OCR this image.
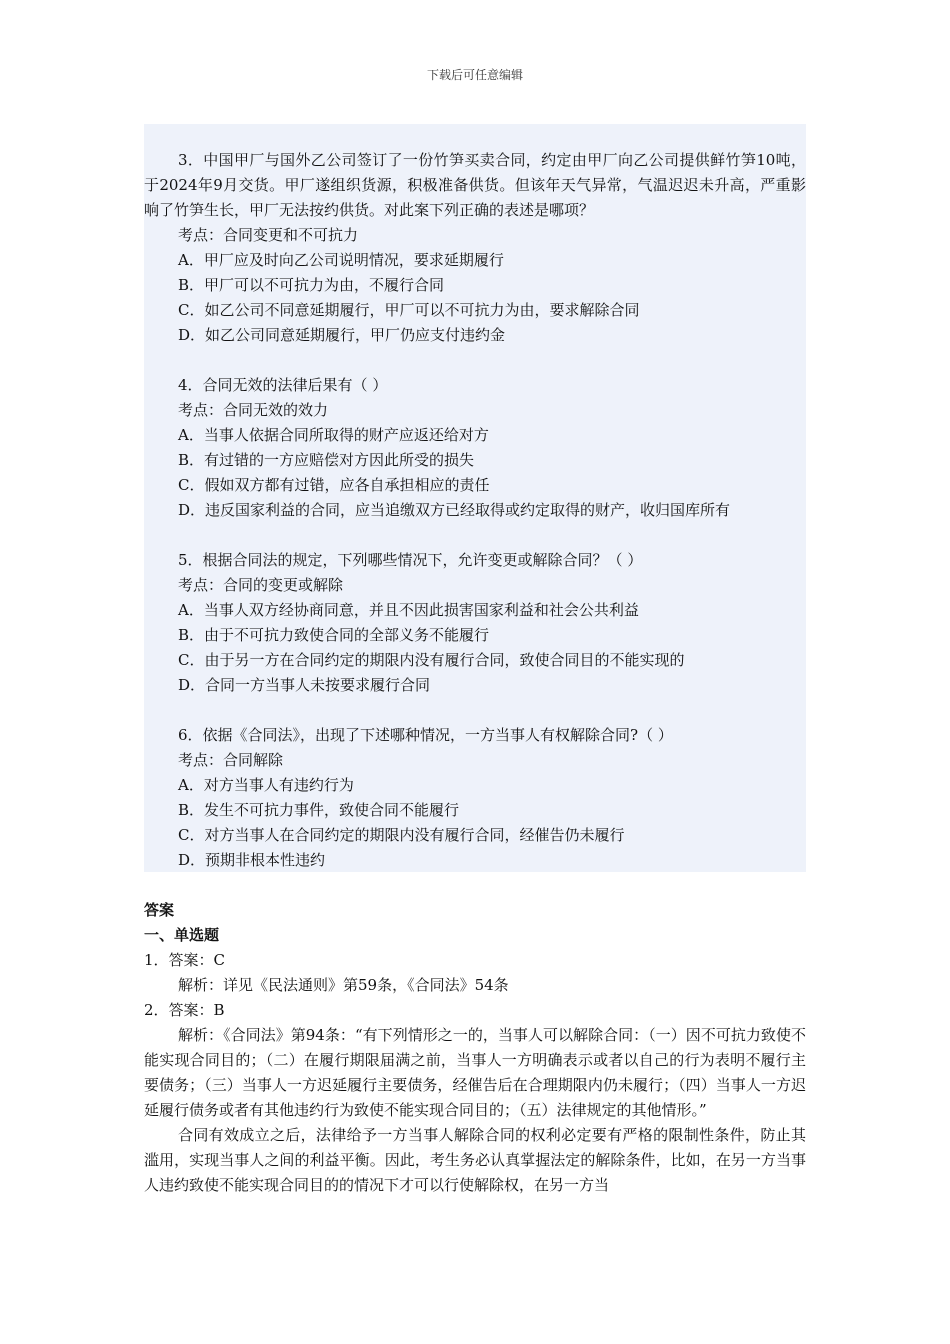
下载后可任意编辑

3．中国甲厂与国外乙公司签订了一份竹笋买卖合同，约定由甲厂向乙公司提供鲜竹笋10吨，于2024年9月交货。甲厂遂组织货源，积极准备供货。但该年天气异常，气温迟迟未升高，严重影响了竹笋生长，甲厂无法按约供货。对此案下列正确的表述是哪项？

考点：合同变更和不可抗力

A．甲厂应及时向乙公司说明情况，要求延期履行

B．甲厂可以不可抗力为由，不履行合同

C．如乙公司不同意延期履行，甲厂可以不可抗力为由，要求解除合同

D．如乙公司同意延期履行，甲厂仍应支付违约金

4．合同无效的法律后果有（ ）

考点：合同无效的效力

A．当事人依据合同所取得的财产应返还给对方

B．有过错的一方应赔偿对方因此所受的损失

C．假如双方都有过错，应各自承担相应的责任

D．违反国家利益的合同，应当追缴双方已经取得或约定取得的财产，收归国库所有

5．根据合同法的规定，下列哪些情况下，允许变更或解除合同？（ ）

考点：合同的变更或解除

A．当事人双方经协商同意，并且不因此损害国家利益和社会公共利益

B．由于不可抗力致使合同的全部义务不能履行

C．由于另一方在合同约定的期限内没有履行合同，致使合同目的不能实现的

D．合同一方当事人未按要求履行合同

6．依据《合同法》，出现了下述哪种情况，一方当事人有权解除合同?（ ）

考点：合同解除

A．对方当事人有违约行为

B．发生不可抗力事件，致使合同不能履行

C．对方当事人在合同约定的期限内没有履行合同，经催告仍未履行

D．预期非根本性违约

答案

一、单选题

1．答案：C

解析：详见《民法通则》第59条，《合同法》54条

2．答案：B

解析：《合同法》第94条：“有下列情形之一的，当事人可以解除合同：（一）因不可抗力致使不能实现合同目的；（二）在履行期限届满之前，当事人一方明确表示或者以自己的行为表明不履行主要债务；（三）当事人一方迟延履行主要债务，经催告后在合理期限内仍未履行；（四）当事人一方迟延履行债务或者有其他违约行为致使不能实现合同目的；（五）法律规定的其他情形。”

合同有效成立之后，法律给予一方当事人解除合同的权利必定要有严格的限制性条件，防止其滥用，实现当事人之间的利益平衡。因此，考生务必认真掌握法定的解除条件，比如，在另一方当事人违约致使不能实现合同目的的情况下才可以行使解除权，在另一方当
